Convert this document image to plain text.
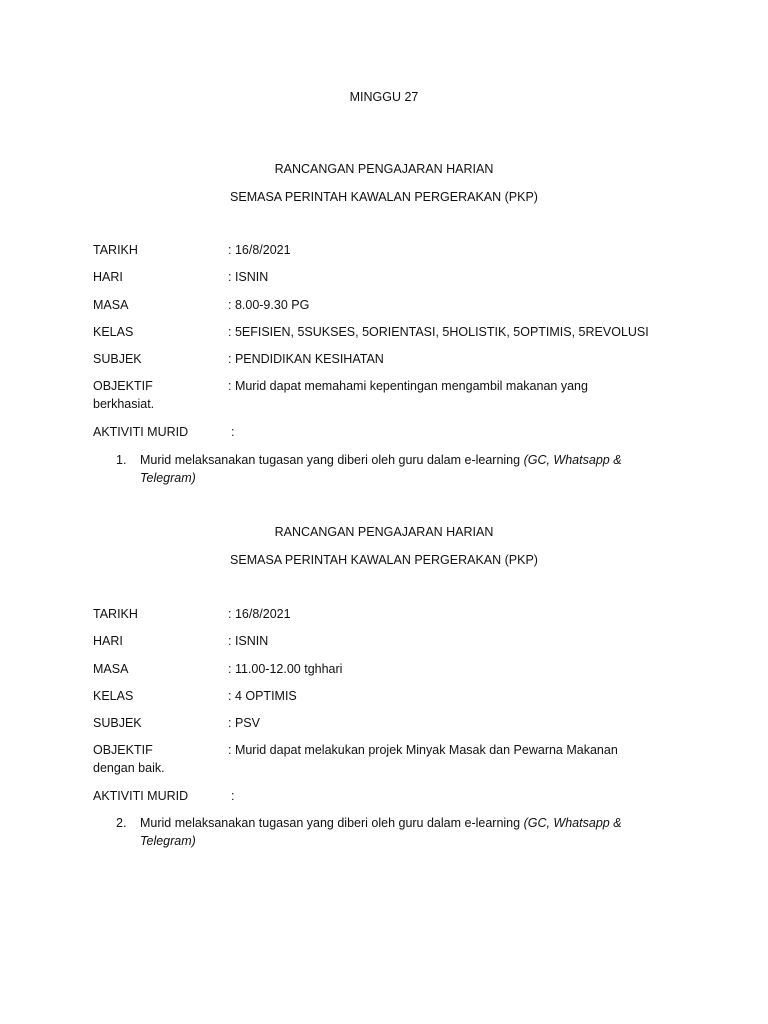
MINGGU 27
RANCANGAN PENGAJARAN HARIAN
SEMASA PERINTAH KAWALAN PERGERAKAN (PKP)
TARIKH	: 16/8/2021
HARI	: ISNIN
MASA	: 8.00-9.30 PG
KELAS	: 5EFISIEN, 5SUKSES, 5ORIENTASI, 5HOLISTIK, 5OPTIMIS, 5REVOLUSI
SUBJEK	: PENDIDIKAN KESIHATAN
OBJEKTIF	: Murid dapat memahami kepentingan mengambil makanan yang
berkhasiat.
AKTIVITI MURID	:
1. Murid melaksanakan tugasan yang diberi oleh guru dalam e-learning (GC, Whatsapp &
Telegram)
RANCANGAN PENGAJARAN HARIAN
SEMASA PERINTAH KAWALAN PERGERAKAN (PKP)
TARIKH	: 16/8/2021
HARI	: ISNIN
MASA	: 11.00-12.00 tghhari
KELAS	: 4 OPTIMIS
SUBJEK	: PSV
OBJEKTIF	: Murid dapat melakukan projek Minyak Masak dan Pewarna Makanan
dengan baik.
AKTIVITI MURID	:
2. Murid melaksanakan tugasan yang diberi oleh guru dalam e-learning (GC, Whatsapp &
Telegram)
